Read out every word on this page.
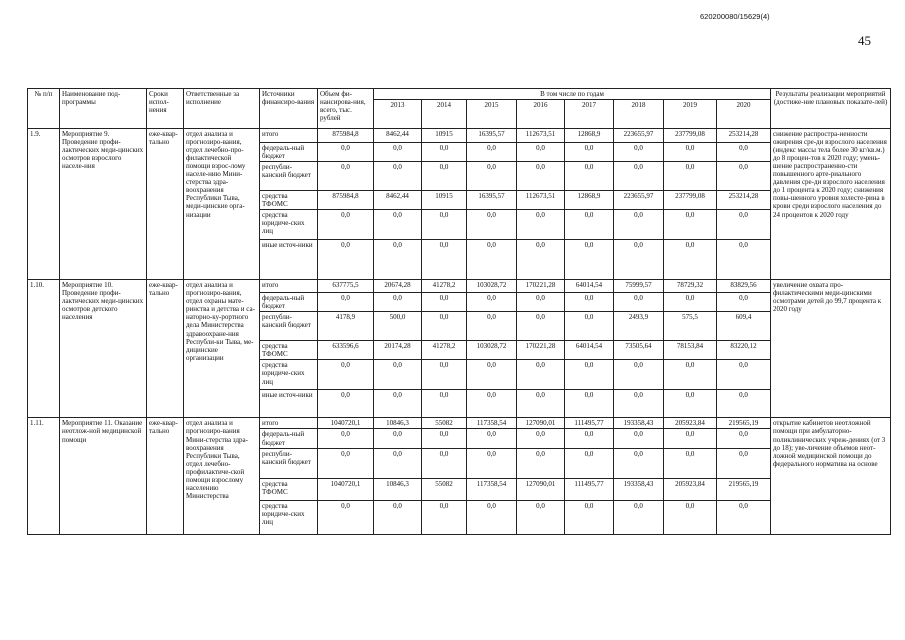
620200080/15629(4)
45
№ п/п	Наименование под-программы	Сроки испол-нения	Ответственные за исполнение	Источники финансиро-вания	Объем фи-нансирова-ния, всего, тыс. рублей	В том числе по годам								Результаты реализации мероприятий (достиже-ние плановых показате-лей)
						2013	2014	2015	2016	2017	2018	2019	2020	
1.9.	Мероприятие 9. Проведение профи-лактических меди-цинских осмотров взрослого населе-ния	еже-квар-тально	отдел анализа и прогнозиро-вания, отдел лечебно-про-филактической помощи взрос-лому населе-нию Мини-стерства здра-воохранения Республики Тыва, меди-цинские орга-низации	итого	875984,8	8462,44	10915	16395,57	112673,51	12868,9	223655,97	237799,08	253214,28	снижение распростра-ненности ожирения сре-ди взрослого населения (индекс массы тела более 30 кг/кв.м.) до 8 процен-тов к 2020 году; умень-шение распространенно-сти повышенного арте-риального давления сре-ди взрослого населения до 1 процента к 2020 году; снижения повы-шенного уровня холесте-рина в крови среди взрослого населения до 24 процентов к 2020 году
				федераль-ный бюджет	0,0	0,0	0,0	0,0	0,0	0,0	0,0	0,0	0,0	
				республи-канский бюджет	0,0	0,0	0,0	0,0	0,0	0,0	0,0	0,0	0,0	
				средства ТФОМС	875984,8	8462,44	10915	16395,57	112673,51	12868,9	223655,97	237799,08	253214,28	
				средства юридиче-ских лиц	0,0	0,0	0,0	0,0	0,0	0,0	0,0	0,0	0,0	
				иные источ-ники	0,0	0,0	0,0	0,0	0,0	0,0	0,0	0,0	0,0	
1.10.	Мероприятие 10. Проведение профи-лактических меди-цинских осмотров детского населения	еже-квар-тально	отдел анализа и прогнозиро-вания, отдел охраны мате-ринства и детства и са-наторно-ку-рортного дела Министерства здравоохране-ния Республи-ки Тыва, ме-дицинские организации	итого	637775,5	20674,28	41278,2	103028,72	170221,28	64014,54	75999,57	78729,32	83829,56	увеличение охвата про-филактическими меди-цинскими осмотрами детей до 99,7 процента к 2020 году
				федераль-ный бюджет	0,0	0,0	0,0	0,0	0,0	0,0	0,0	0,0	0,0	
				республи-канский бюджет	4178,9	500,0	0,0	0,0	0,0	0,0	2493,9	575,5	609,4	
				средства ТФОМС	633596,6	20174,28	41278,2	103028,72	170221,28	64014,54	73505,64	78153,84	83220,12	
				средства юридиче-ских лиц	0,0	0,0	0,0	0,0	0,0	0,0	0,0	0,0	0,0	
				иные источ-ники	0,0	0,0	0,0	0,0	0,0	0,0	0,0	0,0	0,0	
1.11.	Мероприятие 11. Оказание неотлож-ной медицинской помощи	еже-квар-тально	отдел анализа и прогнозиро-вания Мини-стерства здра-воохранения Республики Тыва, отдел лечебно-профилактиче-ской помощи взрослому населению Министерства	итого	1040720,1	10846,3	55082	117358,54	127090,01	111495,77	193358,43	205923,84	219565,19	открытие кабинетов неотложной помощи при амбулаторно-поликлинических учреж-дениях (от 3 до 18); уве-личение объемов неот-ложной медицинской помощи до федерального норматива на основе
				федераль-ный бюджет	0,0	0,0	0,0	0,0	0,0	0,0	0,0	0,0	0,0	
				республи-канский бюджет	0,0	0,0	0,0	0,0	0,0	0,0	0,0	0,0	0,0	
				средства ТФОМС	1040720,1	10846,3	55082	117358,54	127090,01	111495,77	193358,43	205923,84	219565,19	
				средства юридиче-ских лиц	0,0	0,0	0,0	0,0	0,0	0,0	0,0	0,0	0,0	
